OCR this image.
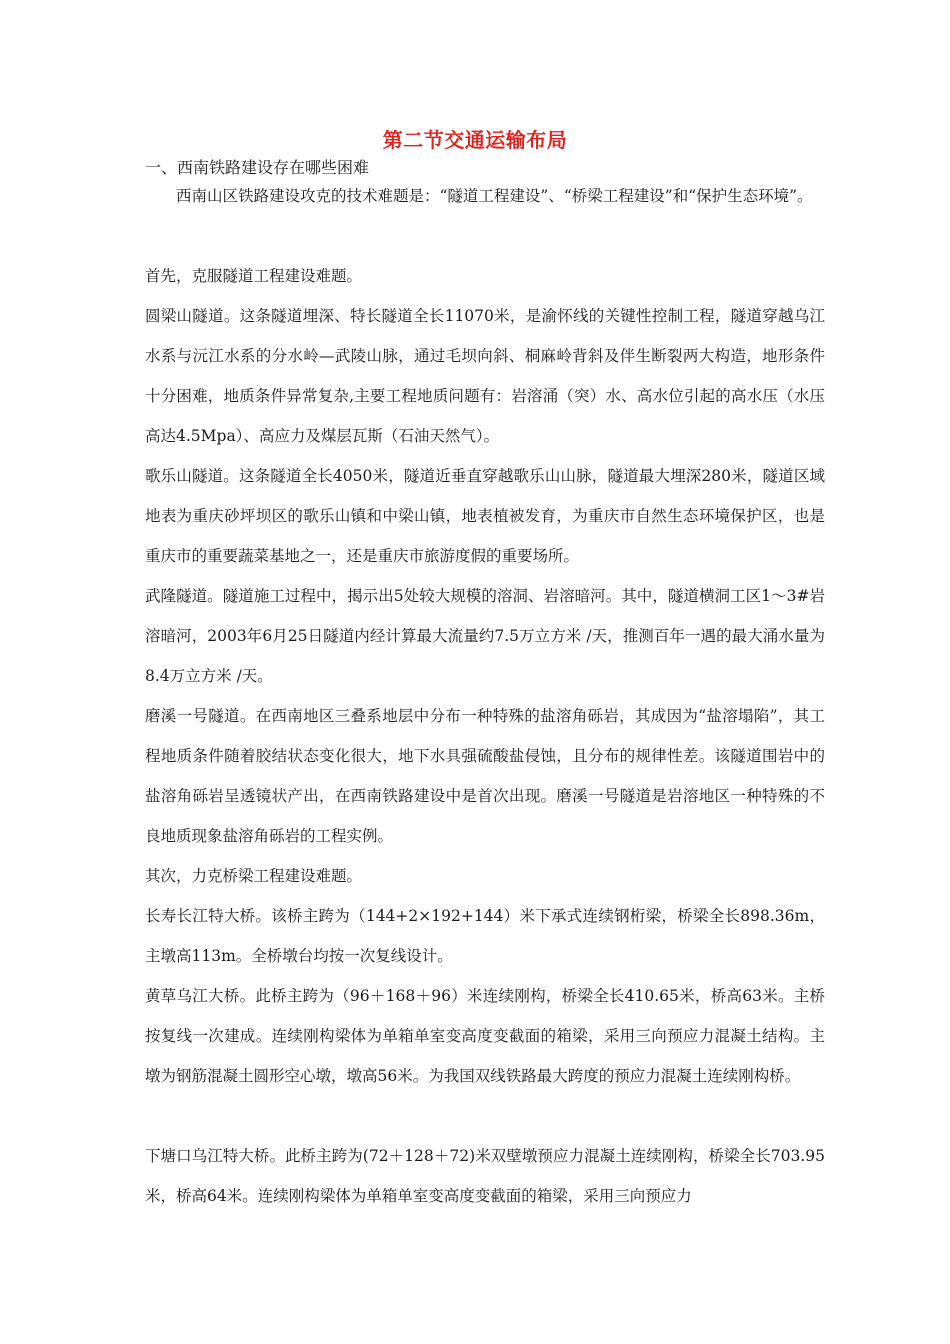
第二节交通运输布局
一、西南铁路建设存在哪些困难

西南山区铁路建设攻克的技术难题是：“隧道工程建设”、“桥梁工程建设”和“保护生态环境”。

首先，克服隧道工程建设难题。

圆梁山隧道。这条隧道埋深、特长隧道全长11070米，是渝怀线的关键性控制工程，隧道穿越乌江水系与沅江水系的分水岭—武陵山脉，通过毛坝向斜、桐麻岭背斜及伴生断裂两大构造，地形条件十分困难，地质条件异常复杂,主要工程地质问题有：岩溶涌（突）水、高水位引起的高水压（水压高达4.5Mpa）、高应力及煤层瓦斯（石油天然气）。

歌乐山隧道。这条隧道全长4050米，隧道近垂直穿越歌乐山山脉，隧道最大埋深280米，隧道区域地表为重庆砂坪坝区的歌乐山镇和中梁山镇，地表植被发育，为重庆市自然生态环境保护区，也是重庆市的重要蔬菜基地之一，还是重庆市旅游度假的重要场所。

武隆隧道。隧道施工过程中，揭示出5处较大规模的溶洞、岩溶暗河。其中，隧道横洞工区1～3#岩溶暗河，2003年6月25日隧道内经计算最大流量约7.5万立方米 /天，推测百年一遇的最大涌水量为8.4万立方米 /天。

磨溪一号隧道。在西南地区三叠系地层中分布一种特殊的盐溶角砾岩，其成因为“盐溶塌陷”，其工程地质条件随着胶结状态变化很大，地下水具强硫酸盐侵蚀，且分布的规律性差。该隧道围岩中的盐溶角砾岩呈透镜状产出，在西南铁路建设中是首次出现。磨溪一号隧道是岩溶地区一种特殊的不良地质现象盐溶角砾岩的工程实例。

其次，力克桥梁工程建设难题。

长寿长江特大桥。该桥主跨为（144+2×192+144）米下承式连续钢桁梁，桥梁全长898.36m，主墩高113m。全桥墩台均按一次复线设计。

黄草乌江大桥。此桥主跨为（96＋168＋96）米连续刚构，桥梁全长410.65米，桥高63米。主桥按复线一次建成。连续刚构梁体为单箱单室变高度变截面的箱梁，采用三向预应力混凝土结构。主墩为钢筋混凝土圆形空心墩，墩高56米。为我国双线铁路最大跨度的预应力混凝土连续刚构桥。

下塘口乌江特大桥。此桥主跨为(72＋128＋72)米双壁墩预应力混凝土连续刚构，桥梁全长703.95米，桥高64米。连续刚构梁体为单箱单室变高度变截面的箱梁，采用三向预应力
